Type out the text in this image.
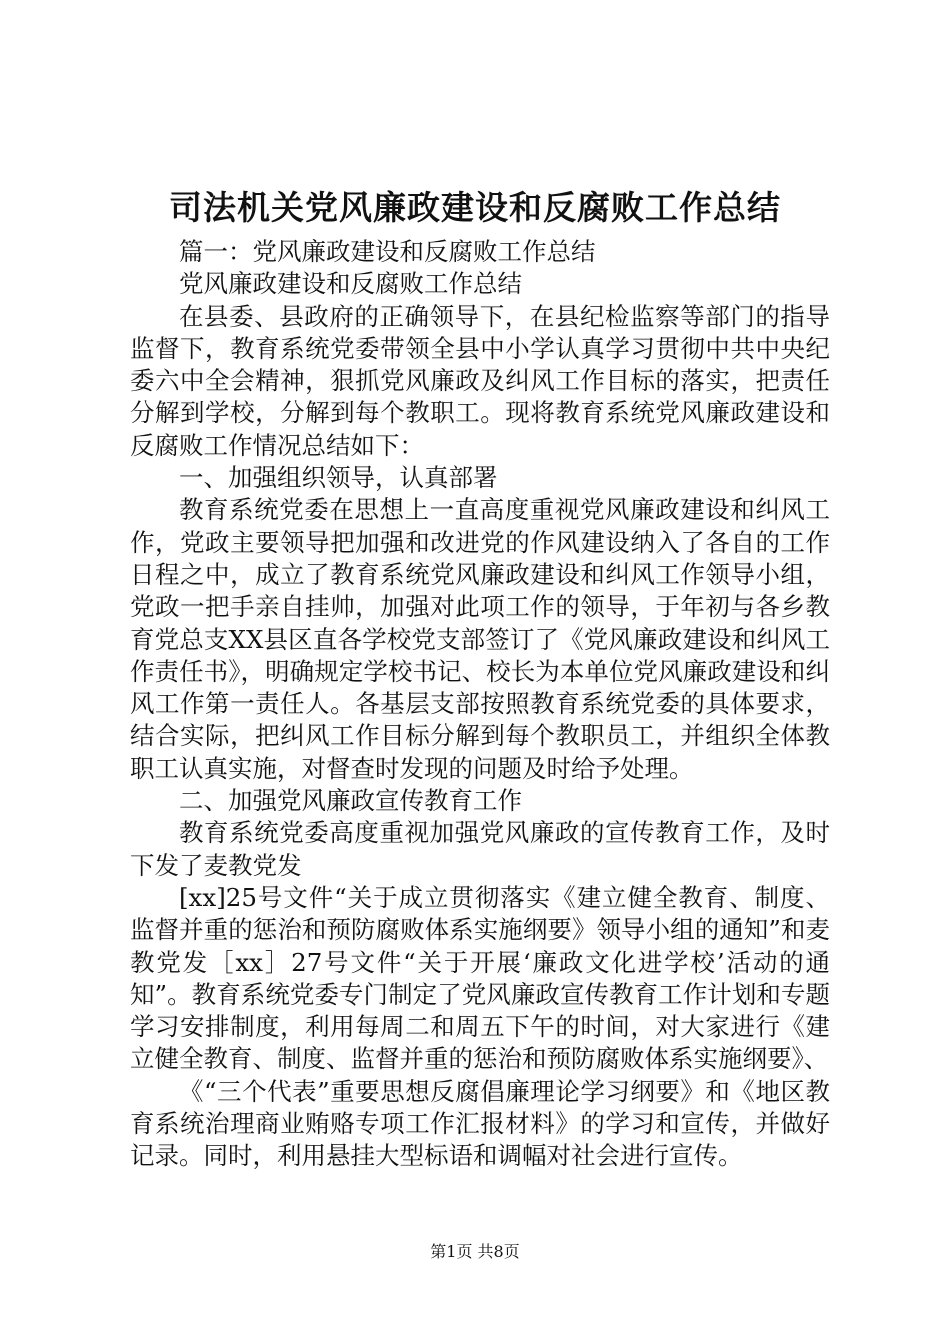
司法机关党风廉政建设和反腐败工作总结

篇一：党风廉政建设和反腐败工作总结

党风廉政建设和反腐败工作总结

在县委、县政府的正确领导下，在县纪检监察等部门的指导监督下，教育系统党委带领全县中小学认真学习贯彻中共中央纪委六中全会精神，狠抓党风廉政及纠风工作目标的落实，把责任分解到学校，分解到每个教职工。现将教育系统党风廉政建设和反腐败工作情况总结如下：

一、加强组织领导，认真部署

教育系统党委在思想上一直高度重视党风廉政建设和纠风工作，党政主要领导把加强和改进党的作风建设纳入了各自的工作日程之中，成立了教育系统党风廉政建设和纠风工作领导小组，党政一把手亲自挂帅，加强对此项工作的领导，于年初与各乡教育党总支XX县区直各学校党支部签订了《党风廉政建设和纠风工作责任书》，明确规定学校书记、校长为本单位党风廉政建设和纠风工作第一责任人。各基层支部按照教育系统党委的具体要求，结合实际，把纠风工作目标分解到每个教职员工，并组织全体教职工认真实施，对督查时发现的问题及时给予处理。

二、加强党风廉政宣传教育工作

教育系统党委高度重视加强党风廉政的宣传教育工作，及时下发了麦教党发

[xx]25号文件“关于成立贯彻落实《建立健全教育、制度、监督并重的惩治和预防腐败体系实施纲要》领导小组的通知”和麦教党发［xx］27号文件“关于开展‘廉政文化进学校’活动的通知”。教育系统党委专门制定了党风廉政宣传教育工作计划和专题学习安排制度，利用每周二和周五下午的时间，对大家进行《建立健全教育、制度、监督并重的惩治和预防腐败体系实施纲要》、

《“三个代表”重要思想反腐倡廉理论学习纲要》和《地区教育系统治理商业贿赂专项工作汇报材料》的学习和宣传，并做好记录。同时，利用悬挂大型标语和调幅对社会进行宣传。

第1页 共8页
